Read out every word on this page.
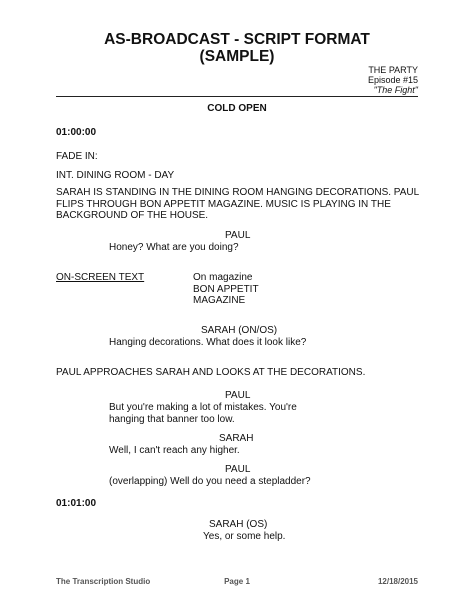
AS-BROADCAST - SCRIPT FORMAT
(SAMPLE)
THE PARTY
Episode #15
"The Fight"
COLD OPEN
01:00:00
FADE IN:
INT. DINING ROOM - DAY
SARAH IS STANDING IN THE DINING ROOM HANGING DECORATIONS. PAUL
FLIPS THROUGH BON APPETIT MAGAZINE. MUSIC IS PLAYING IN THE
BACKGROUND OF THE HOUSE.
PAUL
Honey? What are you doing?
ON-SCREEN TEXT	On magazine
BON APPETIT
MAGAZINE
SARAH (ON/OS)
Hanging decorations. What does it look like?
PAUL APPROACHES SARAH AND LOOKS AT THE DECORATIONS.
PAUL
But you're making a lot of mistakes. You're
hanging that banner too low.
SARAH
Well, I can't reach any higher.
PAUL
(overlapping) Well do you need a stepladder?
01:01:00
SARAH (OS)
Yes, or some help.
The Transcription Studio	Page 1	12/18/2015
